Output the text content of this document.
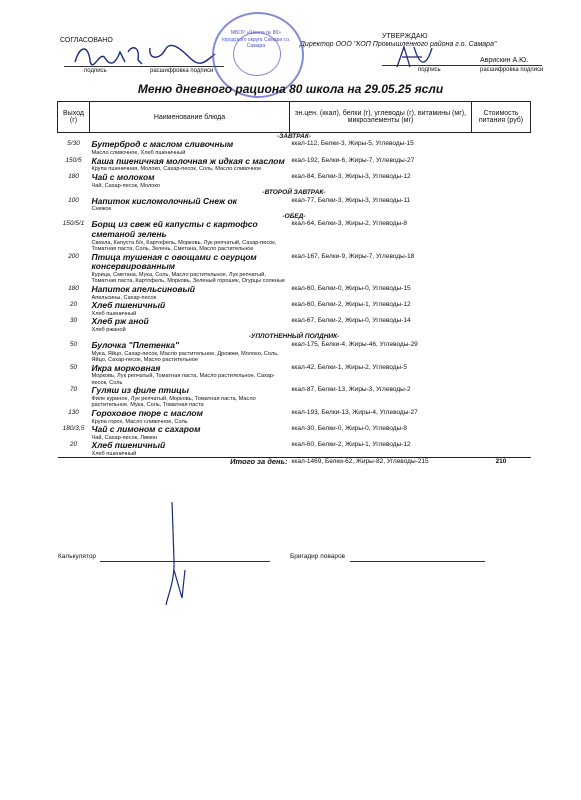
СОГЛАСОВАНО
УТВЕРЖДАЮ
Директор ООО "КОП Промышленного района г.о. Самара"
подпись	расшифровка подписи
МБОУ «Школа № 80» городского округа Самара г.о. Самара
Аврискин А.Ю.
подпись	расшифровка подписи
Меню дневного рациона 80 школа на 29.05.25 ясли
Выход (г)	Наименование блюда	эн.цен. (ккал), белки (г), углеводы (г), витамины (мг), микроэлементы (мг)	Стоимость питания (руб)
-ЗАВТРАК-			
5/30	Бутерброд с маслом сливочным
Масло сливочное, Хлеб пшеничный	ккал-112, Белки-3, Жиры-5, Углеводы-15	
150/5	Каша пшеничная молочная ж идкая с маслом
Крупа пшеничная, Молоко, Сахар-песок, Соль, Масло сливочное	ккал-192, Белки-6, Жиры-7, Углеводы-27	
180	Чай с молоком
Чай, Сахар-песок, Молоко	ккал-84, Белки-3, Жиры-3, Углеводы-12	
-ВТОРОЙ ЗАВТРАК-			
100	Напиток кисломолочный Снеж ок
Снежок	ккал-77, Белки-3, Жиры-3, Углеводы-11	
-ОБЕД-			
150/5/1	Борщ из свеж ей капусты с картофсо сметаной зелень
Свекла, Капуста б/х, Картофель, Морковь, Лук репчатый, Сахар-песок, Томатная паста, Соль, Зелень, Сметана, Масло растительное	ккал-64, Белки-3, Жиры-2, Углеводы-8	
200	Птица тушеная с овощами с огурцом консервированным
Курица, Сметана, Мука, Соль, Масло растительное, Лук репчатый, Томатная паста, Картофель, Морковь, Зеленый горошек, Огурцы соленые	ккал-167, Белки-9, Жиры-7, Углеводы-18	
180	Напиток апельсиновый
Апельсины, Сахар-песок	ккал-60, Белки-0, Жиры-0, Углеводы-15	
20	Хлеб пшеничный
Хлеб пшеничный	ккал-60, Белки-2, Жиры-1, Углеводы-12	
30	Хлеб рж аной
Хлеб ржаной	ккал-67, Белки-2, Жиры-0, Углеводы-14	
-УПЛОТНЕННЫЙ ПОЛДНИК-			
50	Булочка "Плетенка"
Мука, Яйцо, Сахар-песок, Масло растительное, Дрожжи, Молоко, Соль, Яйцо, Сахар-песок, Масло растительное	ккал-175, Белки-4, Жиры-46, Углеводы-29	
50	Икра морковная
Морковь, Лук репчатый, Томатная паста, Масло растительное, Сахар-песок, Соль	ккал-42, Белки-1, Жиры-2, Углеводы-5	
70	Гуляш из филе птицы
Филе куриное, Лук репчатый, Морковь, Томатная паста, Масло растительное, Мука, Соль, Томатная паста	ккал-87, Белки-13, Жиры-3, Углеводы-2	
130	Гороховое пюре с маслом
Крупа горох, Масло сливочное, Соль	ккал-193, Белки-13, Жиры-4, Углеводы-27	
180/3,5	Чай с лимоном с сахаром
Чай, Сахар-песок, Лимон	ккал-30, Белки-0, Жиры-0, Углеводы-8	
20	Хлеб пшеничный
Хлеб пшеничный	ккал-60, Белки-2, Жиры-1, Углеводы-12	
	Итого за день:	ккал-1469, Белки-62, Жиры-82, Углеводы-215	210
Калькулятор	Бригадир поваров
